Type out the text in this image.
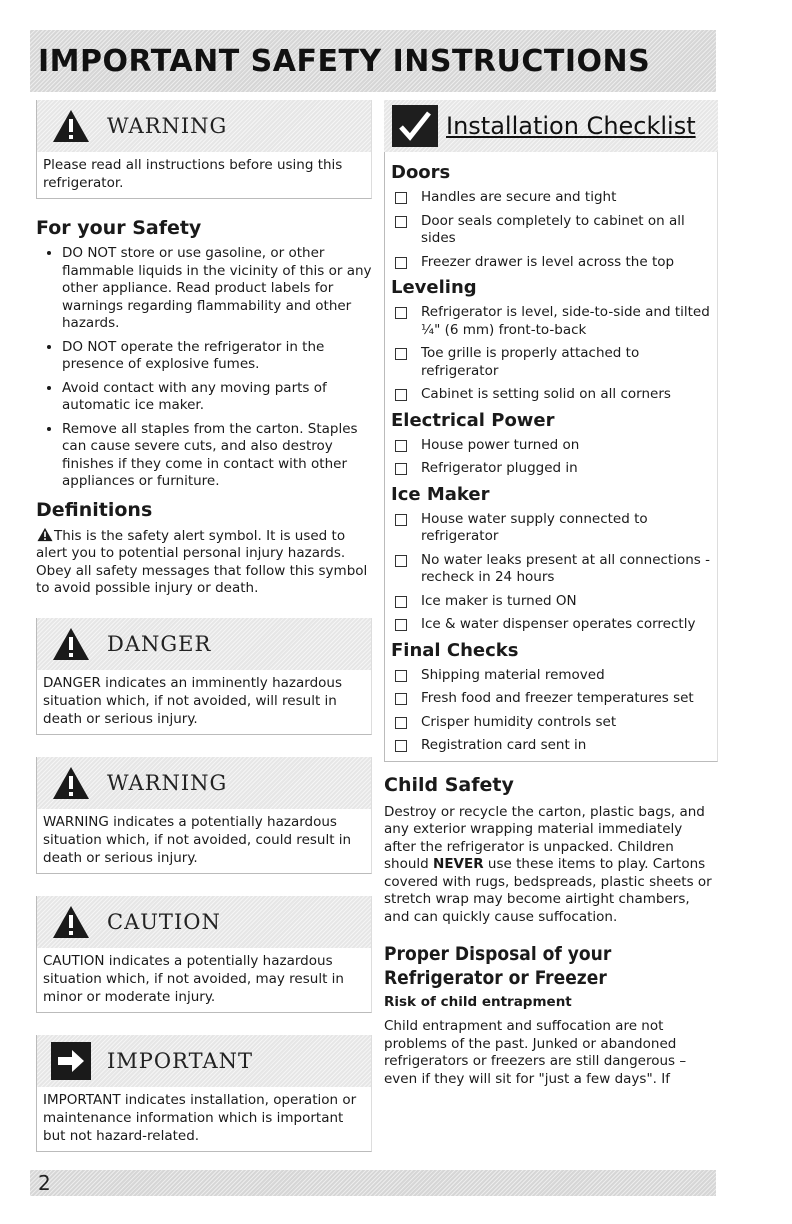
IMPORTANT SAFETY INSTRUCTIONS
WARNING
Please read all instructions before using this refrigerator.
For your Safety
• DO NOT store or use gasoline, or other flammable liquids in the vicinity of this or any other appliance. Read product labels for warnings regarding flammability and other hazards.
• DO NOT operate the refrigerator in the presence of explosive fumes.
• Avoid contact with any moving parts of automatic ice maker.
• Remove all staples from the carton. Staples can cause severe cuts, and also destroy finishes if they come in contact with other appliances or furniture.
Definitions

This is the safety alert symbol. It is used to alert you to potential personal injury hazards. Obey all safety messages that follow this symbol to avoid possible injury or death.

DANGER
DANGER indicates an imminently hazardous situation which, if not avoided, will result in death or serious injury.
WARNING
WARNING indicates a potentially hazardous situation which, if not avoided, could result in death or serious injury.
CAUTION
CAUTION indicates a potentially hazardous situation which, if not avoided, may result in minor or moderate injury.
IMPORTANT
IMPORTANT indicates installation, operation or maintenance information which is important but not hazard-related.
Installation Checklist
Doors
Handles are secure and tight
Door seals completely to cabinet on all sides
Freezer drawer is level across the top
Leveling
Refrigerator is level, side-to-side and tilted ¼" (6 mm) front-to-back
Toe grille is properly attached to refrigerator
Cabinet is setting solid on all corners
Electrical Power
House power turned on
Refrigerator plugged in
Ice Maker
House water supply connected to refrigerator
No water leaks present at all connections - recheck in 24 hours
Ice maker is turned ON
Ice & water dispenser operates correctly
Final Checks
Shipping material removed
Fresh food and freezer temperatures set
Crisper humidity controls set
Registration card sent in
Child Safety

Destroy or recycle the carton, plastic bags, and any exterior wrapping material immediately after the refrigerator is unpacked. Children should NEVER use these items to play. Cartons covered with rugs, bedspreads, plastic sheets or stretch wrap may become airtight chambers, and can quickly cause suffocation.

Proper Disposal of your Refrigerator or Freezer
Risk of child entrapment

Child entrapment and suffocation are not problems of the past. Junked or abandoned refrigerators or freezers are still dangerous – even if they will sit for "just a few days". If

2
